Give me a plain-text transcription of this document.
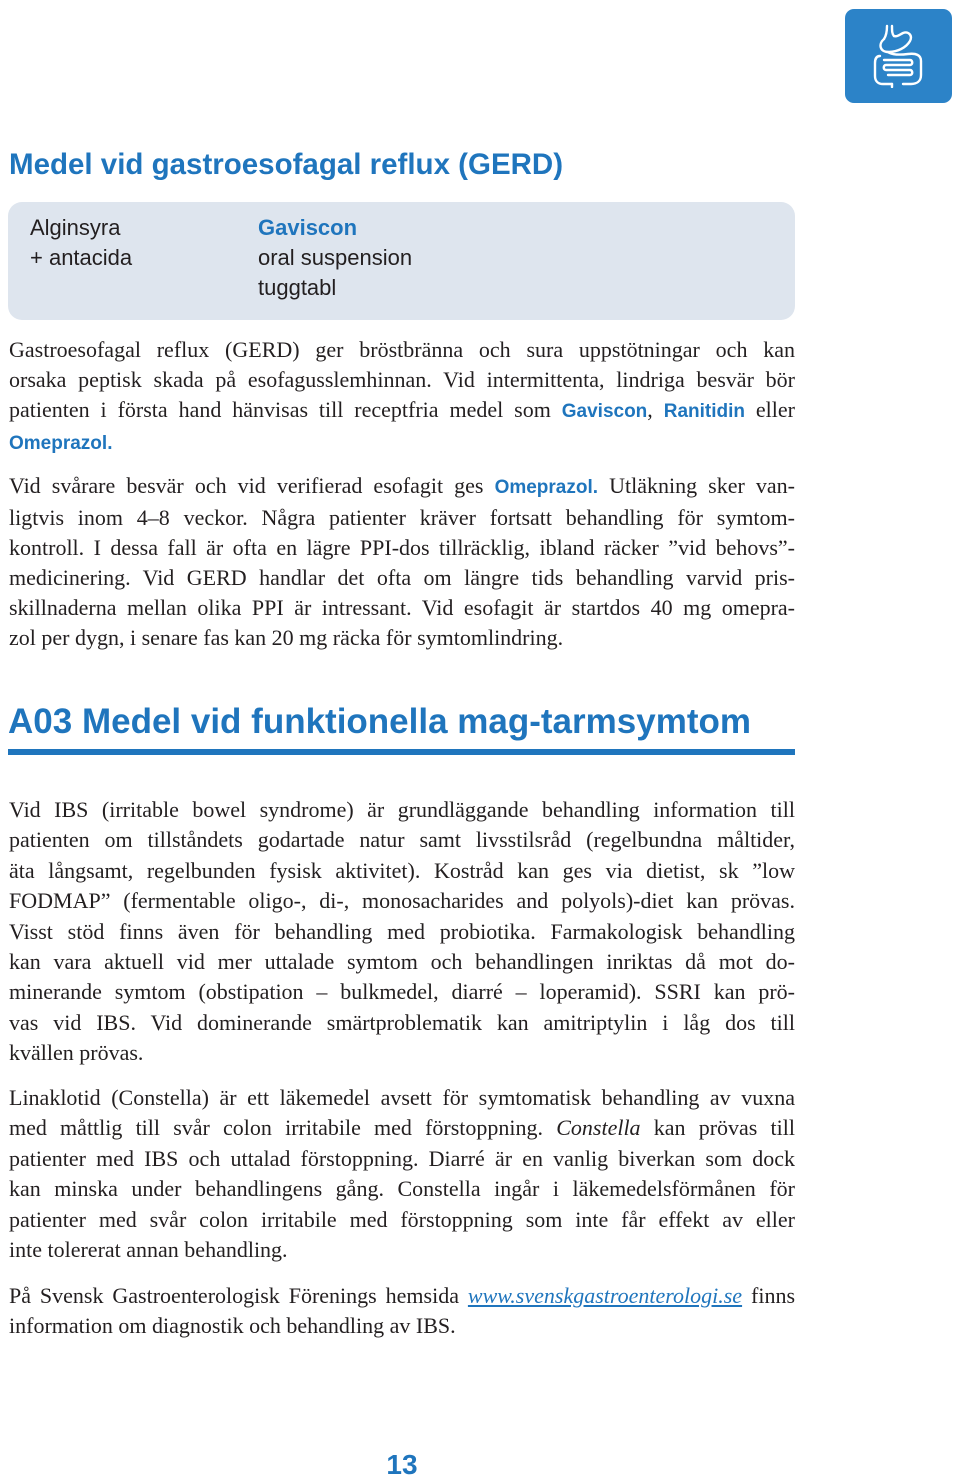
Medel vid gastroesofagal reflux (GERD)
Alginsyra
+ antacida
Gaviscon
oral suspension
tuggtabl
Gastroesofagal reflux (GERD) ger bröstbränna och sura uppstötningar och kan
orsaka peptisk skada på esofagusslemhinnan. Vid intermittenta, lindriga besvär bör
patienten i första hand hänvisas till receptfria medel som Gaviscon, Ranitidin eller
Omeprazol.
Vid svårare besvär och vid verifierad esofagit ges Omeprazol. Utläkning sker van-
ligtvis inom 4–8 veckor. Några patienter kräver fortsatt behandling för symtom-
kontroll. I dessa fall är ofta en lägre PPI-dos tillräcklig, ibland räcker ”vid behovs”-
medicinering. Vid GERD handlar det ofta om längre tids behandling varvid pris-
skillnaderna mellan olika PPI är intressant. Vid esofagit är startdos 40 mg omepra-
zol per dygn, i senare fas kan 20 mg räcka för symtomlindring.
A03 Medel vid funktionella mag-tarmsymtom
Vid IBS (irritable bowel syndrome) är grundläggande behandling information till
patienten om tillståndets godartade natur samt livsstilsråd (regelbundna måltider,
äta långsamt, regelbunden fysisk aktivitet). Kostråd kan ges via dietist, sk ”low
FODMAP” (fermentable oligo-, di-, monosacharides and polyols)-diet kan prövas.
Visst stöd finns även för behandling med probiotika. Farmakologisk behandling
kan vara aktuell vid mer uttalade symtom och behandlingen inriktas då mot do-
minerande symtom (obstipation – bulkmedel, diarré – loperamid). SSRI kan prö-
vas vid IBS. Vid dominerande smärtproblematik kan amitriptylin i låg dos till
kvällen prövas.
Linaklotid (Constella) är ett läkemedel avsett för symtomatisk behandling av vuxna
med måttlig till svår colon irritabile med förstoppning. Constella kan prövas till
patienter med IBS och uttalad förstoppning. Diarré är en vanlig biverkan som dock
kan minska under behandlingens gång. Constella ingår i läkemedelsförmånen för
patienter med svår colon irritabile med förstoppning som inte får effekt av eller
inte tolererat annan behandling.
På Svensk Gastroenterologisk Förenings hemsida www.svenskgastroenterologi.se finns
information om diagnostik och behandling av IBS.
13
